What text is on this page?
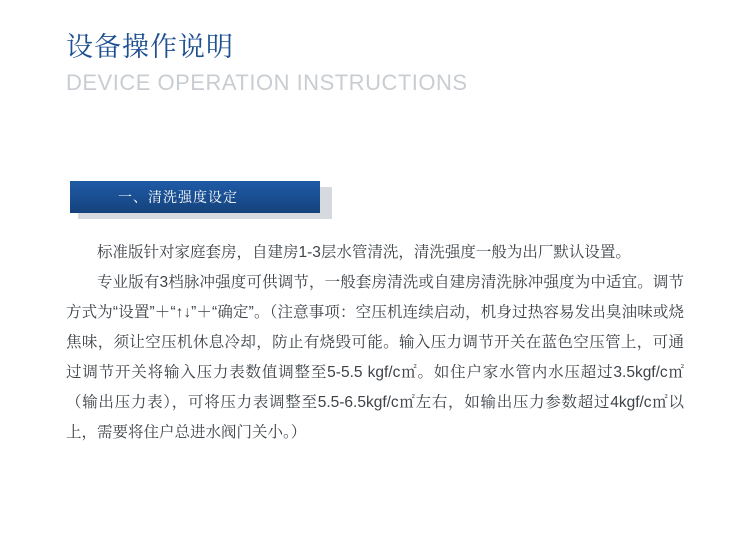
设备操作说明
DEVICE OPERATION INSTRUCTIONS
一、清洗强度设定

标准版针对家庭套房，自建房1-3层水管清洗，清洗强度一般为出厂默认设置。

专业版有3档脉冲强度可供调节，一般套房清洗或自建房清洗脉冲强度为中适宜。调节方式为“设置”＋“↑↓”＋“确定”。（注意事项：空压机连续启动，机身过热容易发出臭油味或烧焦味，须让空压机休息冷却，防止有烧毁可能。输入压力调节开关在蓝色空压管上，可通过调节开关将输入压力表数值调整至5-5.5 kgf/c㎡。如住户家水管内水压超过3.5kgf/c㎡（输出压力表），可将压力表调整至5.5-6.5kgf/c㎡左右，如输出压力参数超过4kgf/c㎡以上，需要将住户总进水阀门关小。）
